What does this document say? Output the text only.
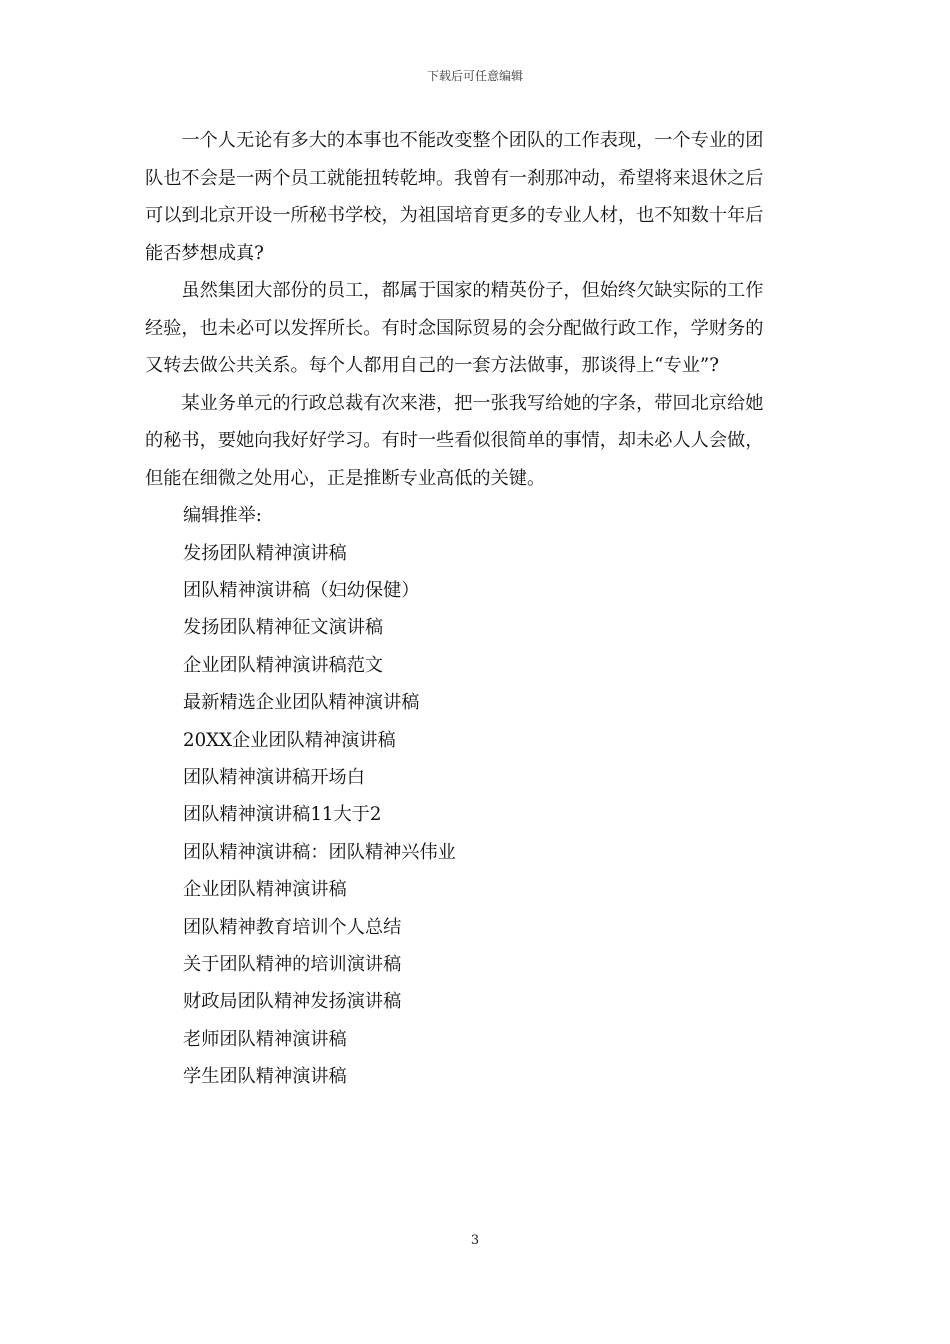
下载后可任意编辑

一个人无论有多大的本事也不能改变整个团队的工作表现，一个专业的团
队也不会是一两个员工就能扭转乾坤。我曾有一刹那冲动，希望将来退休之后
可以到北京开设一所秘书学校，为祖国培育更多的专业人材，也不知数十年后
能否梦想成真?

虽然集团大部份的员工，都属于国家的精英份子，但始终欠缺实际的工作
经验，也未必可以发挥所长。有时念国际贸易的会分配做行政工作，学财务的
又转去做公共关系。每个人都用自己的一套方法做事，那谈得上“专业”?

某业务单元的行政总裁有次来港，把一张我写给她的字条，带回北京给她
的秘书，要她向我好好学习。有时一些看似很简单的事情，却未必人人会做，
但能在细微之处用心，正是推断专业高低的关键。

编辑推举:

发扬团队精神演讲稿
团队精神演讲稿（妇幼保健）
发扬团队精神征文演讲稿
企业团队精神演讲稿范文
最新精选企业团队精神演讲稿
20XX企业团队精神演讲稿
团队精神演讲稿开场白
团队精神演讲稿11大于2
团队精神演讲稿：团队精神兴伟业
企业团队精神演讲稿
团队精神教育培训个人总结
关于团队精神的培训演讲稿
财政局团队精神发扬演讲稿
老师团队精神演讲稿
学生团队精神演讲稿
3
